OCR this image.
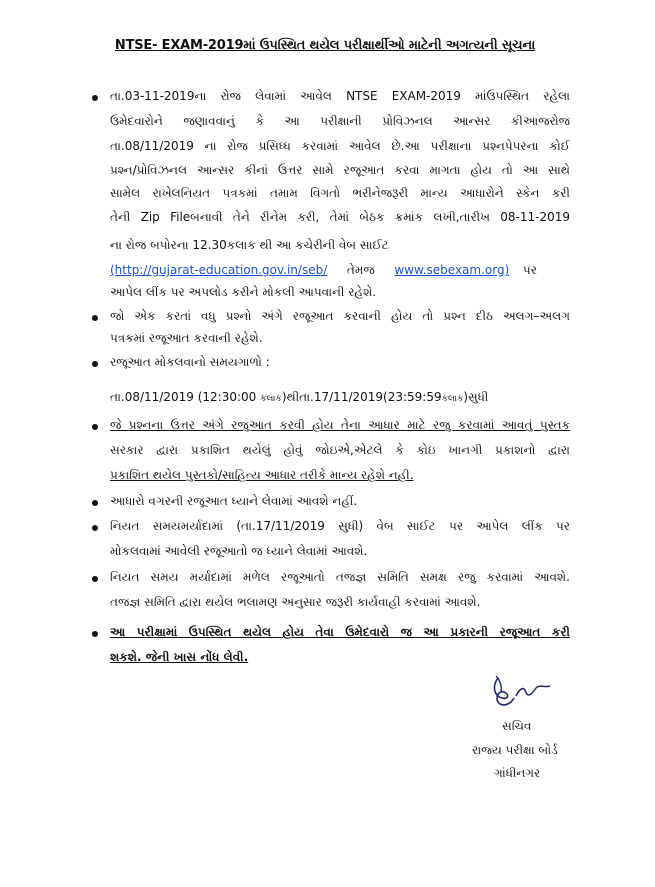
NTSE- EXAM-2019માં ઉપસ્થિત થયેલ પરીક્ષાર્થીઓ માટેની અગત્યની સૂચના
તા.03-11-2019ના રોજ લેવામાં આવેલ NTSE EXAM-2019 માંઉપસ્થિત રહેલા
ઉમેદવારોને જણાવવાનું કે આ પરીક્ષાની પ્રોવિઝનલ આન્સર કીઆજરોજ
તા.08/11/2019 ના રોજ પ્રસિધ્ધ કરવામાં આવેલ છે.આ પરીક્ષાના પ્રશ્નપેપરના કોઈ
પ્રશ્ન/પ્રોવિઝનલ આન્સર કીનાં ઉત્તર સામે રજૂઆત કરવા માગતા હોય તો આ સાથે
સામેલ રાખેલનિયત પત્રકમાં તમામ વિગતો ભરીનેજરૂરી માન્ય આધારોને સ્કેન કરી
તેની Zip Fileબનાવી તેને રીનેમ કરી, તેમાં બેઠક ક્રમાંક લખી,તારીખ 08-11-2019
ના રોજ બપોરના 12.30કલાક થી આ કચેરીની વેબ સાઈટ
(http://gujarat-education.gov.in/seb/ તેમજ www.sebexam.org) પર
આપેલ લીંક પર અપલોડ કરીને મોકલી આપવાની રહેશે.
જો એક કરતાં વધુ પ્રશ્નો અંગે રજૂઆત કરવાની હોય તો પ્રશ્ન દીઠ અલગ–અલગ
પત્રકમાં રજૂઆત કરવાની રહેશે.
રજૂઆત મોકલવાનો સમયગાળો :
તા.08/11/2019 (12:30:00 કલાક)થીતા.17/11/2019(23:59:59કલાક)સુધી
જે પ્રશ્નના ઉત્તર અંગે રજુઆત કરવી હોય તેના આધાર માટે રજુ કરવામાં આવતું પુસ્તક
સરકાર દ્વારા પ્રકાશિત થયેલું હોવું જોઇએ,એટલે કે કોઇ ખાનગી પ્રકાશનો દ્વારા
પ્રકાશિત થયેલ પુસ્તકો/સાહિત્ય આધાર તરીકે માન્ય રહેશે નહી.
આધારો વગરની રજૂઆત ધ્યાને લેવામાં આવશે નહીં.
નિયત સમયમર્યાદામાં (તા.17/11/2019 સુધી) વેબ સાઈટ પર આપેલ લીંક પર
મોકલવામાં આવેલી રજૂઆતો જ ધ્યાને લેવામાં આવશે.
નિયત સમય મર્યાદામાં મળેલ રજૂઆતો તજજ્ઞ સમિતિ સમક્ષ રજુ કરવામાં આવશે.
તજજ્ઞ સમિતિ દ્વારા થયેલ ભલામણ અનુસાર જરૂરી કાર્યવાહી કરવામાં આવશે.
આ પરીક્ષામાં ઉપસ્થિત થયેલ હોય તેવા ઉમેદવારો જ આ પ્રકારની રજૂઆત કરી
શકશે. જેની ખાસ નોંધ લેવી.
સચિવ
રાજ્ય પરીક્ષા બોર્ડ
ગાંધીનગર
